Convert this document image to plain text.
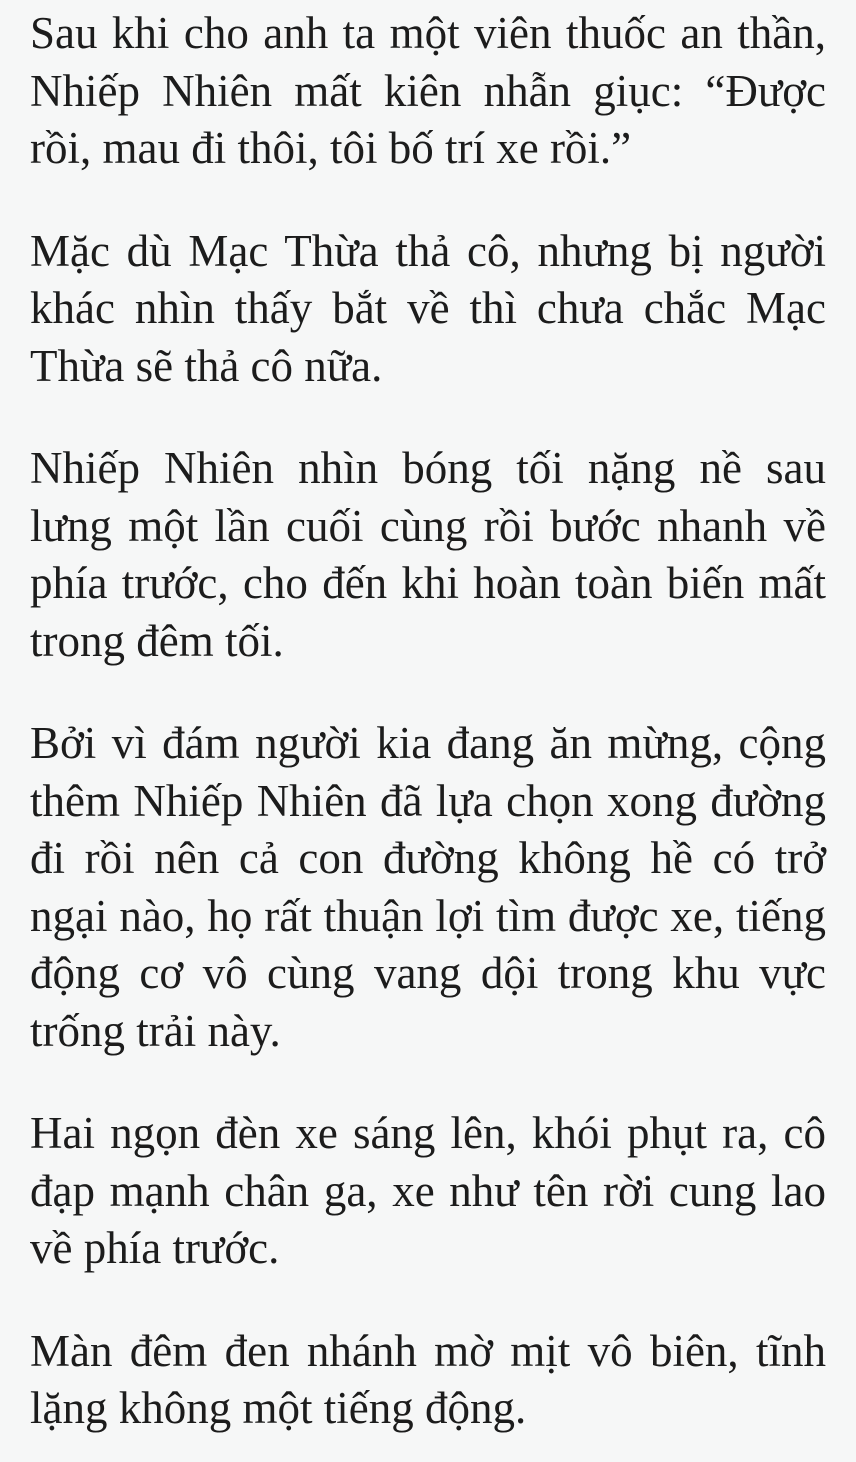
Sau khi cho anh ta một viên thuốc an thần, Nhiếp Nhiên mất kiên nhẫn giục: “Được rồi, mau đi thôi, tôi bố trí xe rồi.”

Mặc dù Mạc Thừa thả cô, nhưng bị người khác nhìn thấy bắt về thì chưa chắc Mạc Thừa sẽ thả cô nữa.

Nhiếp Nhiên nhìn bóng tối nặng nề sau lưng một lần cuối cùng rồi bước nhanh về phía trước, cho đến khi hoàn toàn biến mất trong đêm tối.

Bởi vì đám người kia đang ăn mừng, cộng thêm Nhiếp Nhiên đã lựa chọn xong đường đi rồi nên cả con đường không hề có trở ngại nào, họ rất thuận lợi tìm được xe, tiếng động cơ vô cùng vang dội trong khu vực trống trải này.

Hai ngọn đèn xe sáng lên, khói phụt ra, cô đạp mạnh chân ga, xe như tên rời cung lao về phía trước.

Màn đêm đen nhánh mờ mịt vô biên, tĩnh lặng không một tiếng động.
